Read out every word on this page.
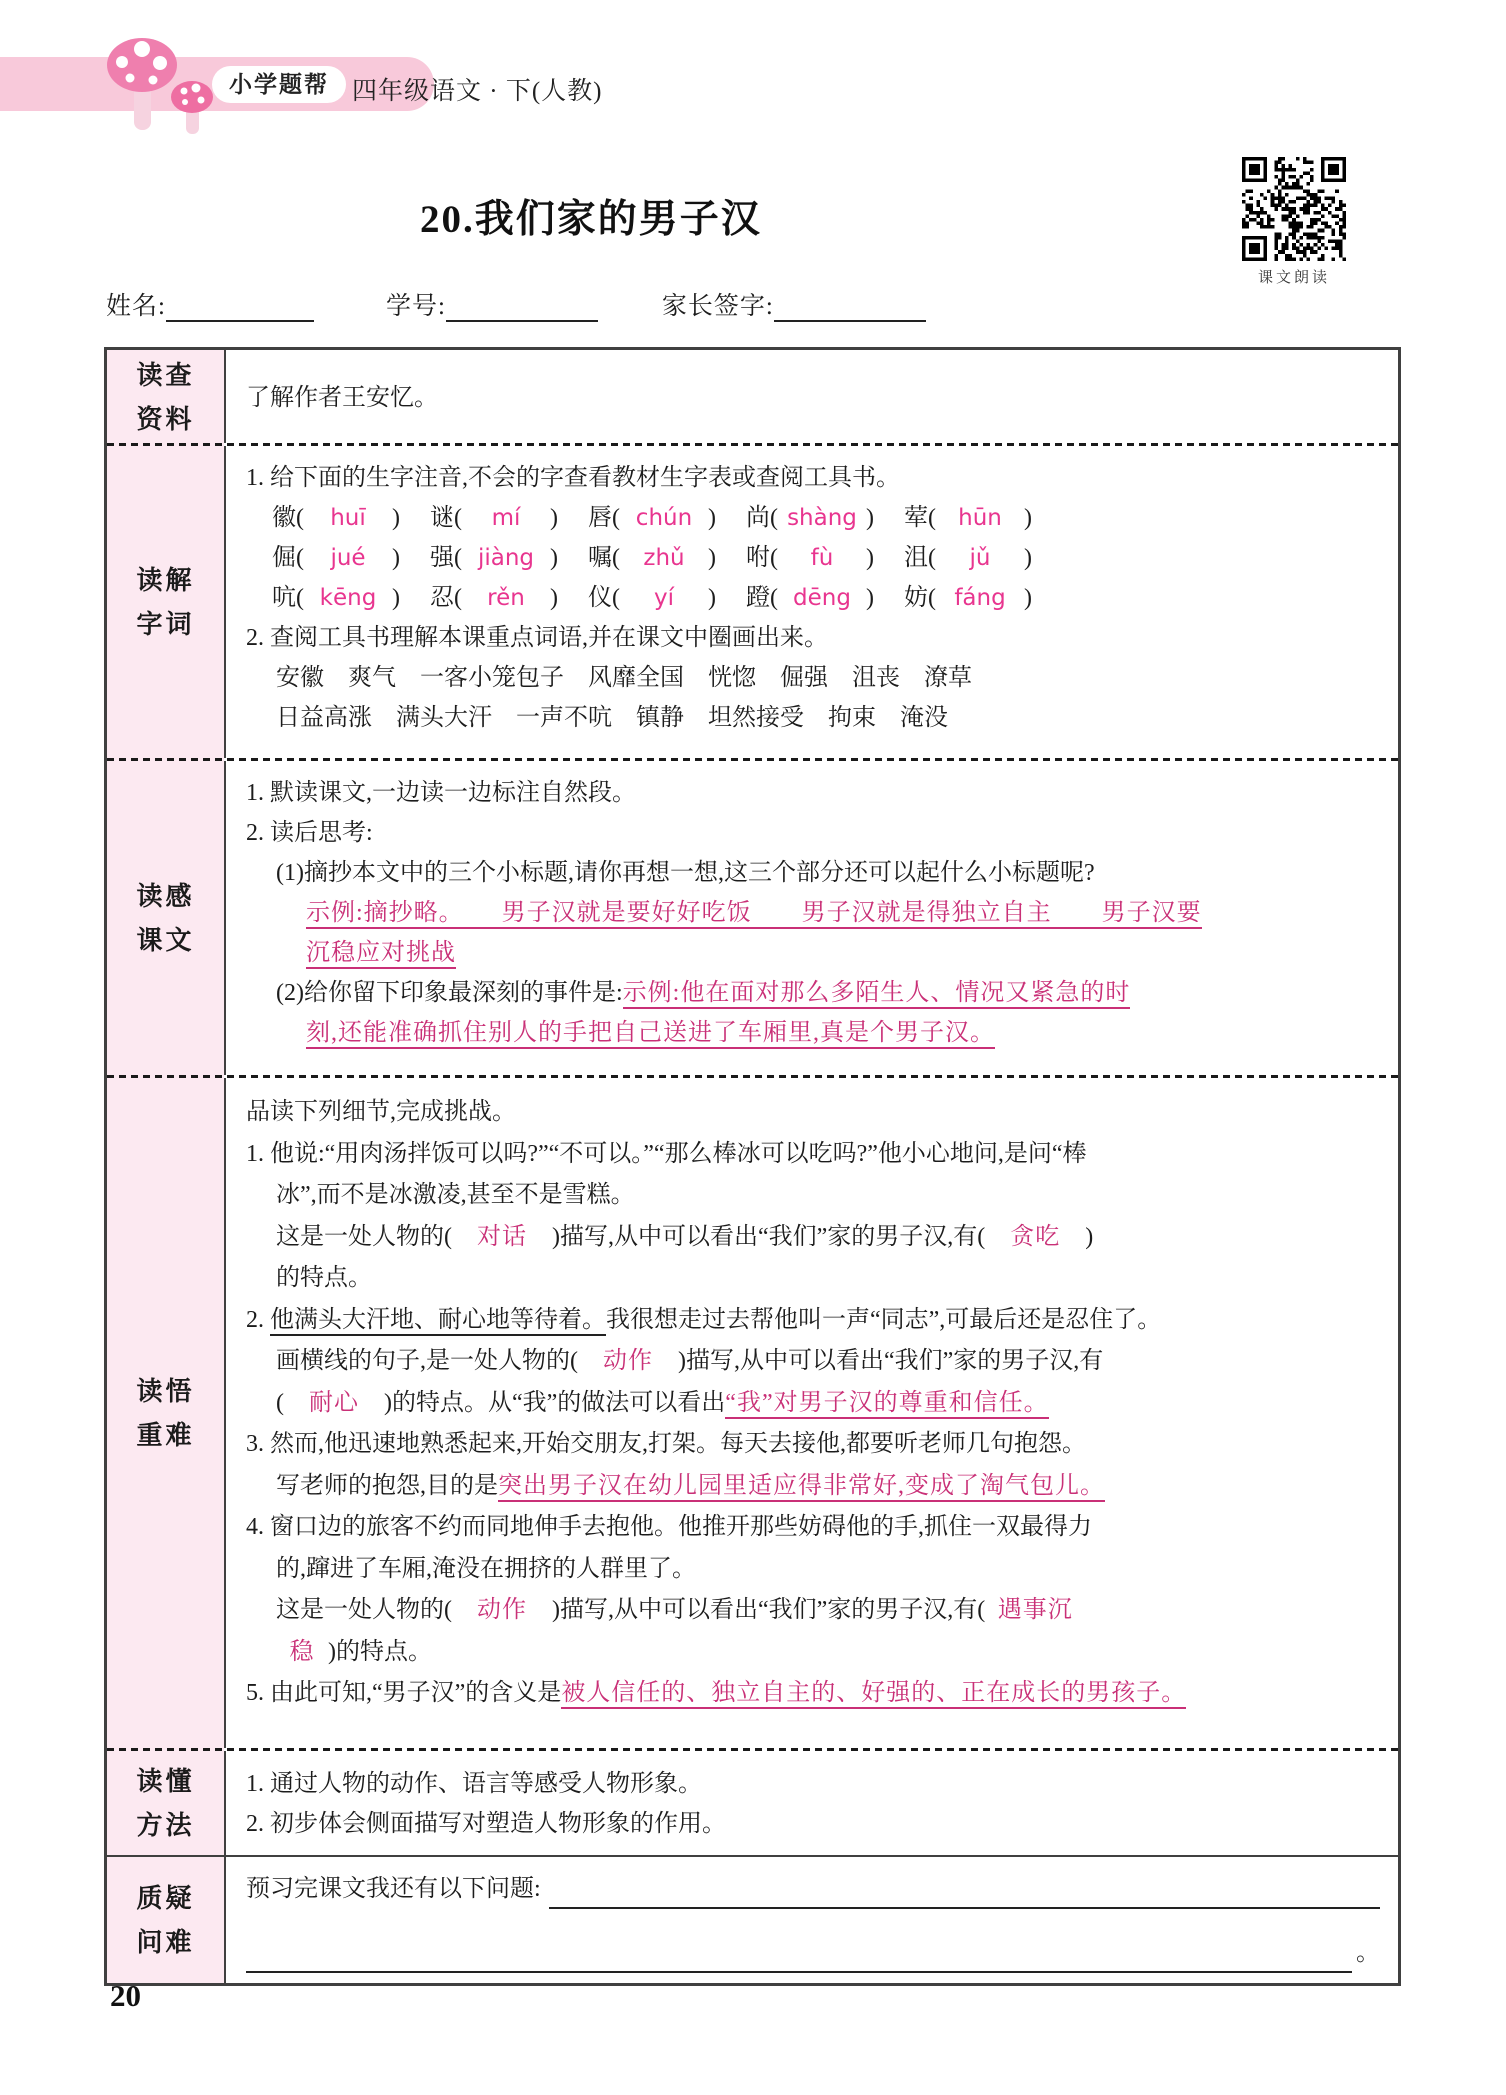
小学题帮 四年级语文 · 下(人教)
课文朗读
20.我们家的男子汉
姓名:	学号:	家长签字:
读查
资料
了解作者王安忆。
读解
字词
1. 给下面的生字注音,不会的字查看教材生字表或查阅工具书。
徽 (	huī	) 谜 (	mí	) 唇 ( chún ) 尚 ( shàng ) 荤 ( hūn )
倔 (	jué	) 强 ( jiàng ) 嘱 (	zhǔ ) 咐 (	fù	) 沮 (	jǔ	)
吭 ( kēng ) 忍 (	rěn	) 仪 (	yí	) 蹬 ( dēng ) 妨 ( fáng )
2. 查阅工具书理解本课重点词语,并在课文中圈画出来。
安徽　爽气　一客小笼包子　风靡全国　恍惚　倔强　沮丧　潦草
日益高涨　满头大汗　一声不吭　镇静　坦然接受　拘束　淹没
读感
课文
1. 默读课文,一边读一边标注自然段。
2. 读后思考:
(1)摘抄本文中的三个小标题,请你再想一想,这三个部分还可以起什么小标题呢?
示例:摘抄略。　　男子汉就是要好好吃饭　　男子汉就是得独立自主　　男子汉要
沉稳应对挑战
(2)给你留下印象最深刻的事件是:示例:他在面对那么多陌生人、情况又紧急的时
刻,还能准确抓住别人的手把自己送进了车厢里,真是个男子汉。
读悟
重难
品读下列细节,完成挑战。
1. 他说:“用肉汤拌饭可以吗?”“不可以。”“那么棒冰可以吃吗?”他小心地问,是问“棒
冰”,而不是冰激凌,甚至不是雪糕。
这是一处人物的( 对话 )描写,从中可以看出“我们”家的男子汉,有( 贪吃 )
的特点。
2. 他满头大汗地、耐心地等待着。我很想走过去帮他叫一声“同志”,可最后还是忍住了。
画横线的句子,是一处人物的( 动作 )描写,从中可以看出“我们”家的男子汉,有
( 耐心 )的特点。从“我”的做法可以看出“我”对男子汉的尊重和信任。
3. 然而,他迅速地熟悉起来,开始交朋友,打架。每天去接他,都要听老师几句抱怨。
写老师的抱怨,目的是突出男子汉在幼儿园里适应得非常好,变成了淘气包儿。
4. 窗口边的旅客不约而同地伸手去抱他。他推开那些妨碍他的手,抓住一双最得力
的,蹿进了车厢,淹没在拥挤的人群里了。
这是一处人物的( 动作 )描写,从中可以看出“我们”家的男子汉,有( 遇事沉
稳 )的特点。
5. 由此可知,“男子汉”的含义是被人信任的、独立自主的、好强的、正在成长的男孩子。
读懂
方法
1. 通过人物的动作、语言等感受人物形象。
2. 初步体会侧面描写对塑造人物形象的作用。
质疑
问难
预习完课文我还有以下问题:
。
20
